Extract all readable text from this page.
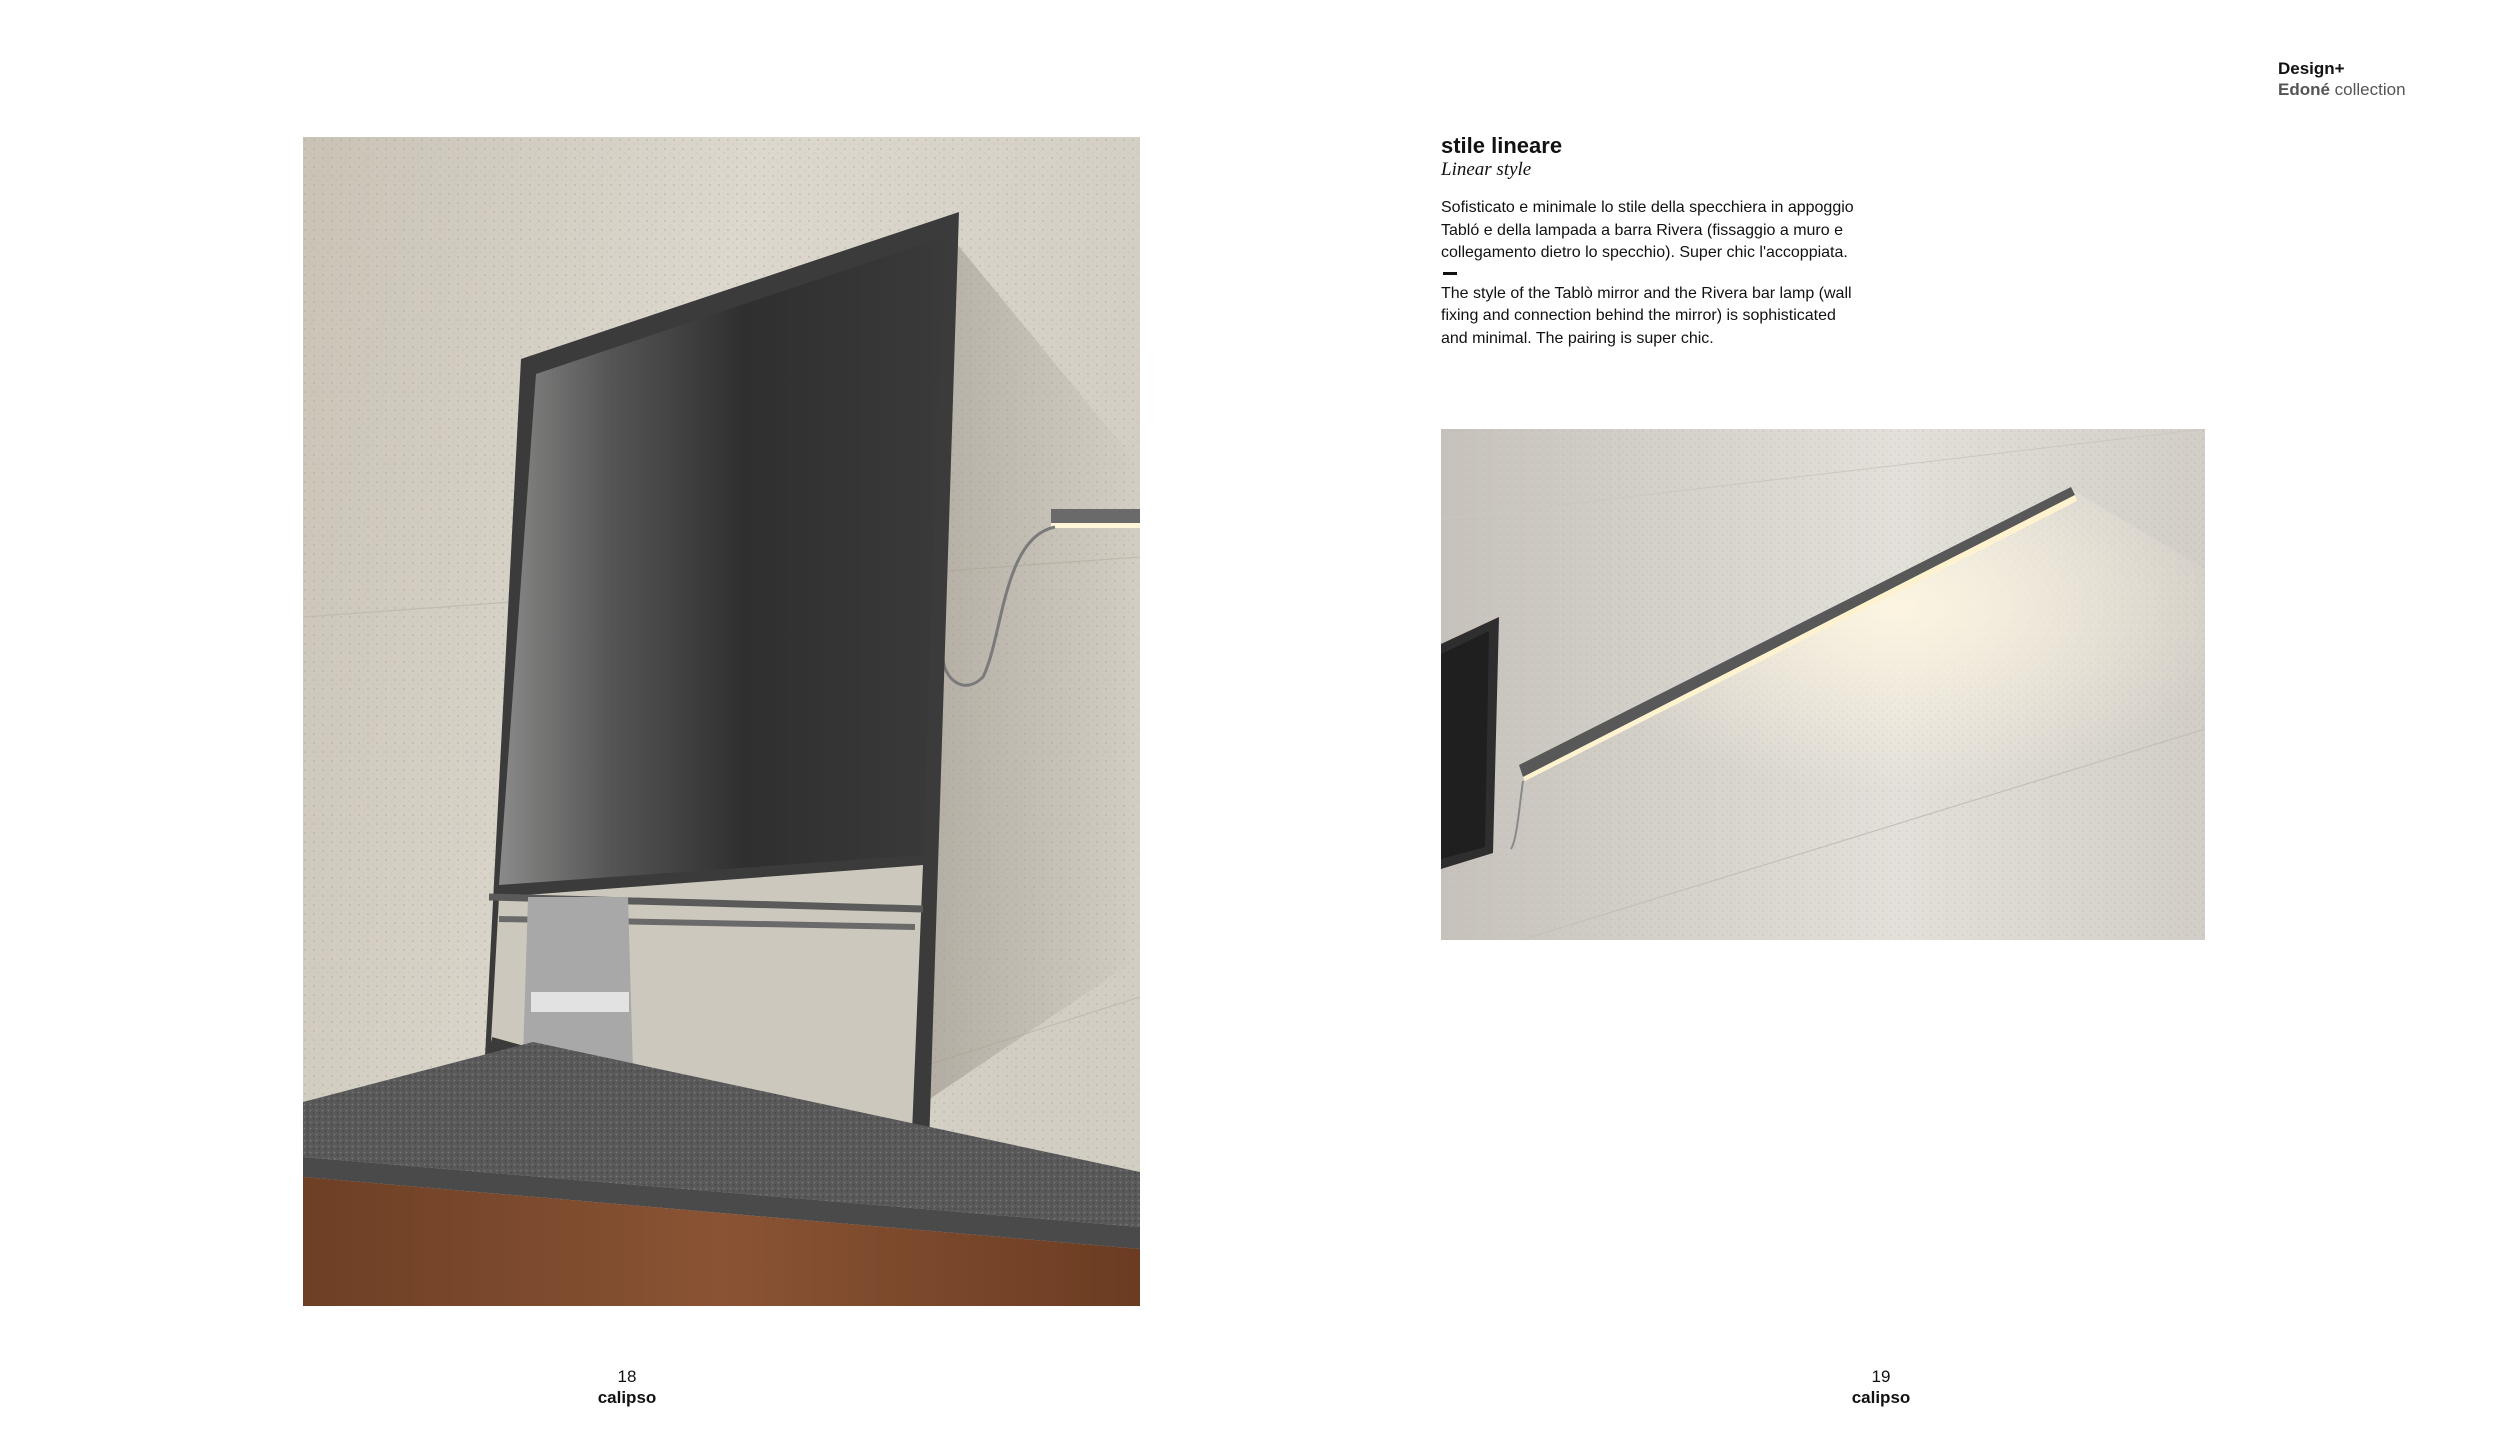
Design+
Edoné collection
stile lineare
Linear style

Sofisticato e minimale lo stile della specchiera in appoggio Tabló e della lampada a barra Rivera (fissaggio a muro e collegamento dietro lo specchio). Super chic l'accoppiata.

The style of the Tablò mirror and the Rivera bar lamp (wall fixing and connection behind the mirror) is sophisticated and minimal. The pairing is super chic.

18
calipso
19
calipso
